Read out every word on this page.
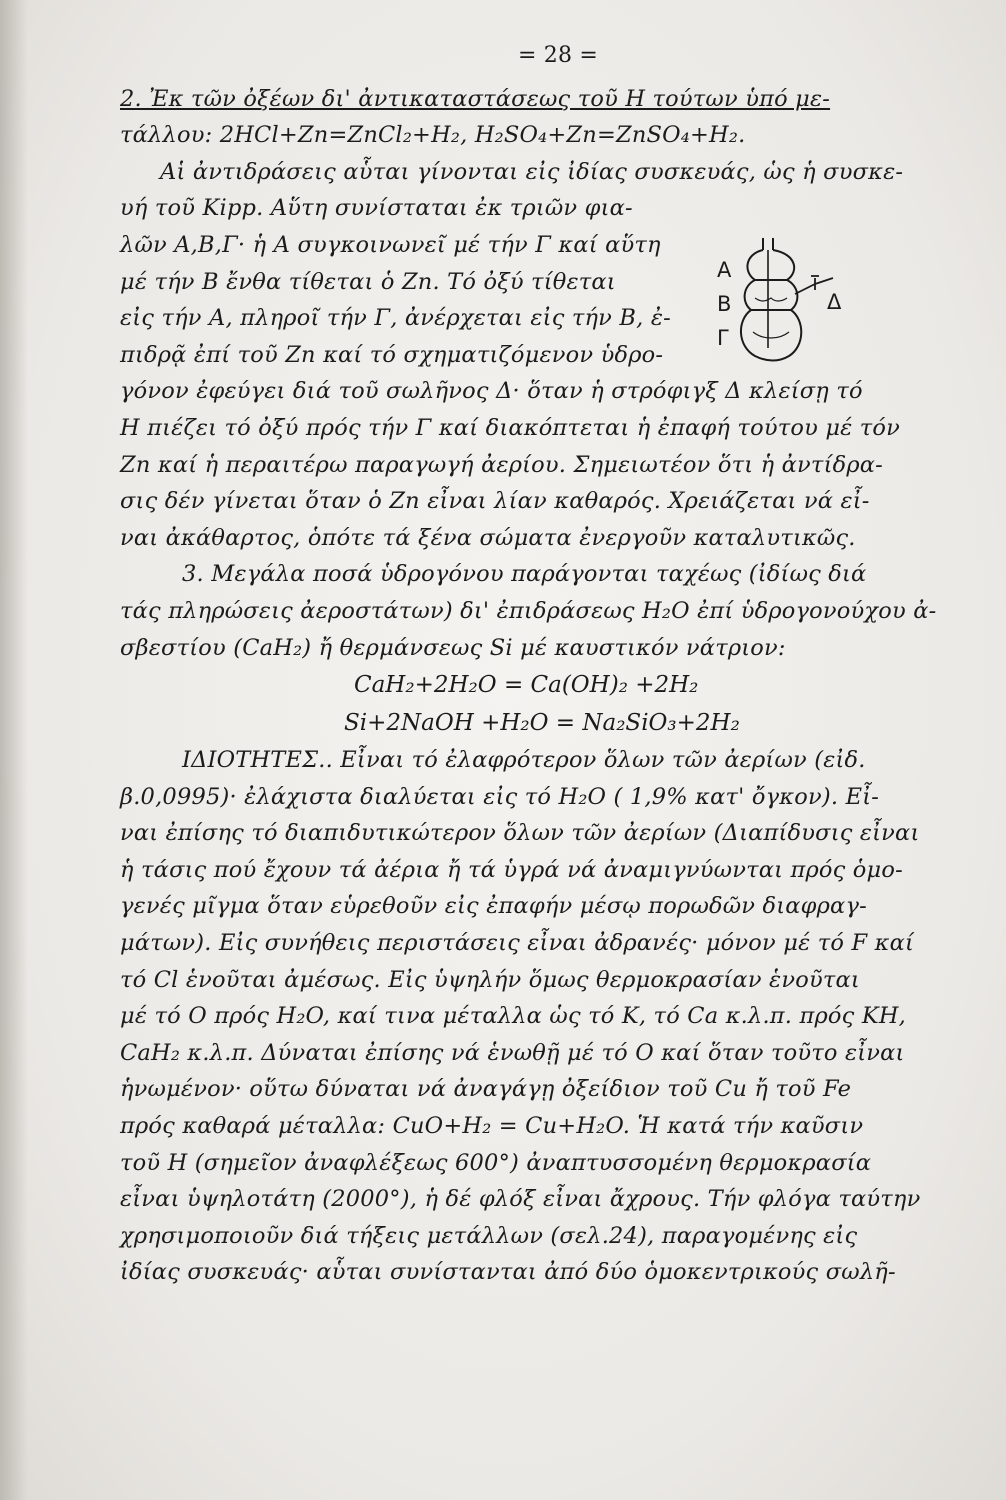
= 28 =
2. Ἐκ τῶν ὀξέων δι' ἀντικαταστάσεως τοῦ Η τούτων ὑπό με-
τάλλου: 2HCl+Zn=ZnCl₂+H₂, H₂SO₄+Zn=ZnSO₄+H₂.
Αἱ ἀντιδράσεις αὗται γίνονται εἰς ἰδίας συσκευάς, ὡς ἡ συσκε-
υή τοῦ Kipp. Αὕτη συνίσταται ἐκ τριῶν φια-
λῶν Α,Β,Γ· ἡ Α συγκοινωνεῖ μέ τήν Γ καί αὕτη
μέ τήν Β ἔνθα τίθεται ὁ Zn. Τό ὀξύ τίθεται
εἰς τήν Α, πληροῖ τήν Γ, ἀνέρχεται εἰς τήν Β, ἐ-
πιδρᾷ ἐπί τοῦ Zn καί τό σχηματιζόμενον ὑδρο-
γόνον ἐφεύγει διά τοῦ σωλῆνος Δ· ὅταν ἡ στρόφιγξ Δ κλείσῃ τό
Η πιέζει τό ὀξύ πρός τήν Γ καί διακόπτεται ἡ ἐπαφή τούτου μέ τόν
Zn καί ἡ περαιτέρω παραγωγή ἀερίου. Σημειωτέον ὅτι ἡ ἀντίδρα-
σις δέν γίνεται ὅταν ὁ Zn εἶναι λίαν καθαρός. Χρειάζεται νά εἶ-
ναι ἀκάθαρτος, ὁπότε τά ξένα σώματα ἐνεργοῦν καταλυτικῶς.
3. Μεγάλα ποσά ὑδρογόνου παράγονται ταχέως (ἰδίως διά
τάς πληρώσεις ἀεροστάτων) δι' ἐπιδράσεως H₂O ἐπί ὑδρογονούχου ἀ-
σβεστίου (CaH₂) ἤ θερμάνσεως Si μέ καυστικόν νάτριον:
CaH₂+2H₂O = Ca(OH)₂ +2H₂
Si+2NaOH +H₂O = Na₂SiO₃+2H₂
ΙΔΙΟΤΗΤΕΣ.. Εἶναι τό ἐλαφρότερον ὅλων τῶν ἀερίων (εἰδ.
β.0,0995)· ἐλάχιστα διαλύεται εἰς τό H₂O ( 1,9% κατ' ὄγκον). Εἶ-
ναι ἐπίσης τό διαπιδυτικώτερον ὅλων τῶν ἀερίων (Διαπίδυσις εἶναι
ἡ τάσις πού ἔχουν τά ἀέρια ἤ τά ὑγρά νά ἀναμιγνύωνται πρός ὁμο-
γενές μῖγμα ὅταν εὑρεθοῦν εἰς ἐπαφήν μέσῳ πορωδῶν διαφραγ-
μάτων). Εἰς συνήθεις περιστάσεις εἶναι ἀδρανές· μόνον μέ τό F καί
τό Cl ἑνοῦται ἀμέσως. Εἰς ὑψηλήν ὅμως θερμοκρασίαν ἑνοῦται
μέ τό Ο πρός H₂O, καί τινα μέταλλα ὡς τό K, τό Ca κ.λ.π. πρός KH,
CaH₂ κ.λ.π. Δύναται ἐπίσης νά ἑνωθῇ μέ τό Ο καί ὅταν τοῦτο εἶναι
ἡνωμένον· οὕτω δύναται νά ἀναγάγῃ ὀξείδιον τοῦ Cu ἤ τοῦ Fe
πρός καθαρά μέταλλα: CuO+H₂ = Cu+H₂O. Ἡ κατά τήν καῦσιν
τοῦ Η (σημεῖον ἀναφλέξεως 600°) ἀναπτυσσομένη θερμοκρασία
εἶναι ὑψηλοτάτη (2000°), ἡ δέ φλόξ εἶναι ἄχρους. Τήν φλόγα ταύτην
χρησιμοποιοῦν διά τήξεις μετάλλων (σελ.24), παραγομένης εἰς
ἰδίας συσκευάς· αὗται συνίστανται ἀπό δύο ὁμοκεντρικούς σωλῆ-
A
B
Γ
Δ
